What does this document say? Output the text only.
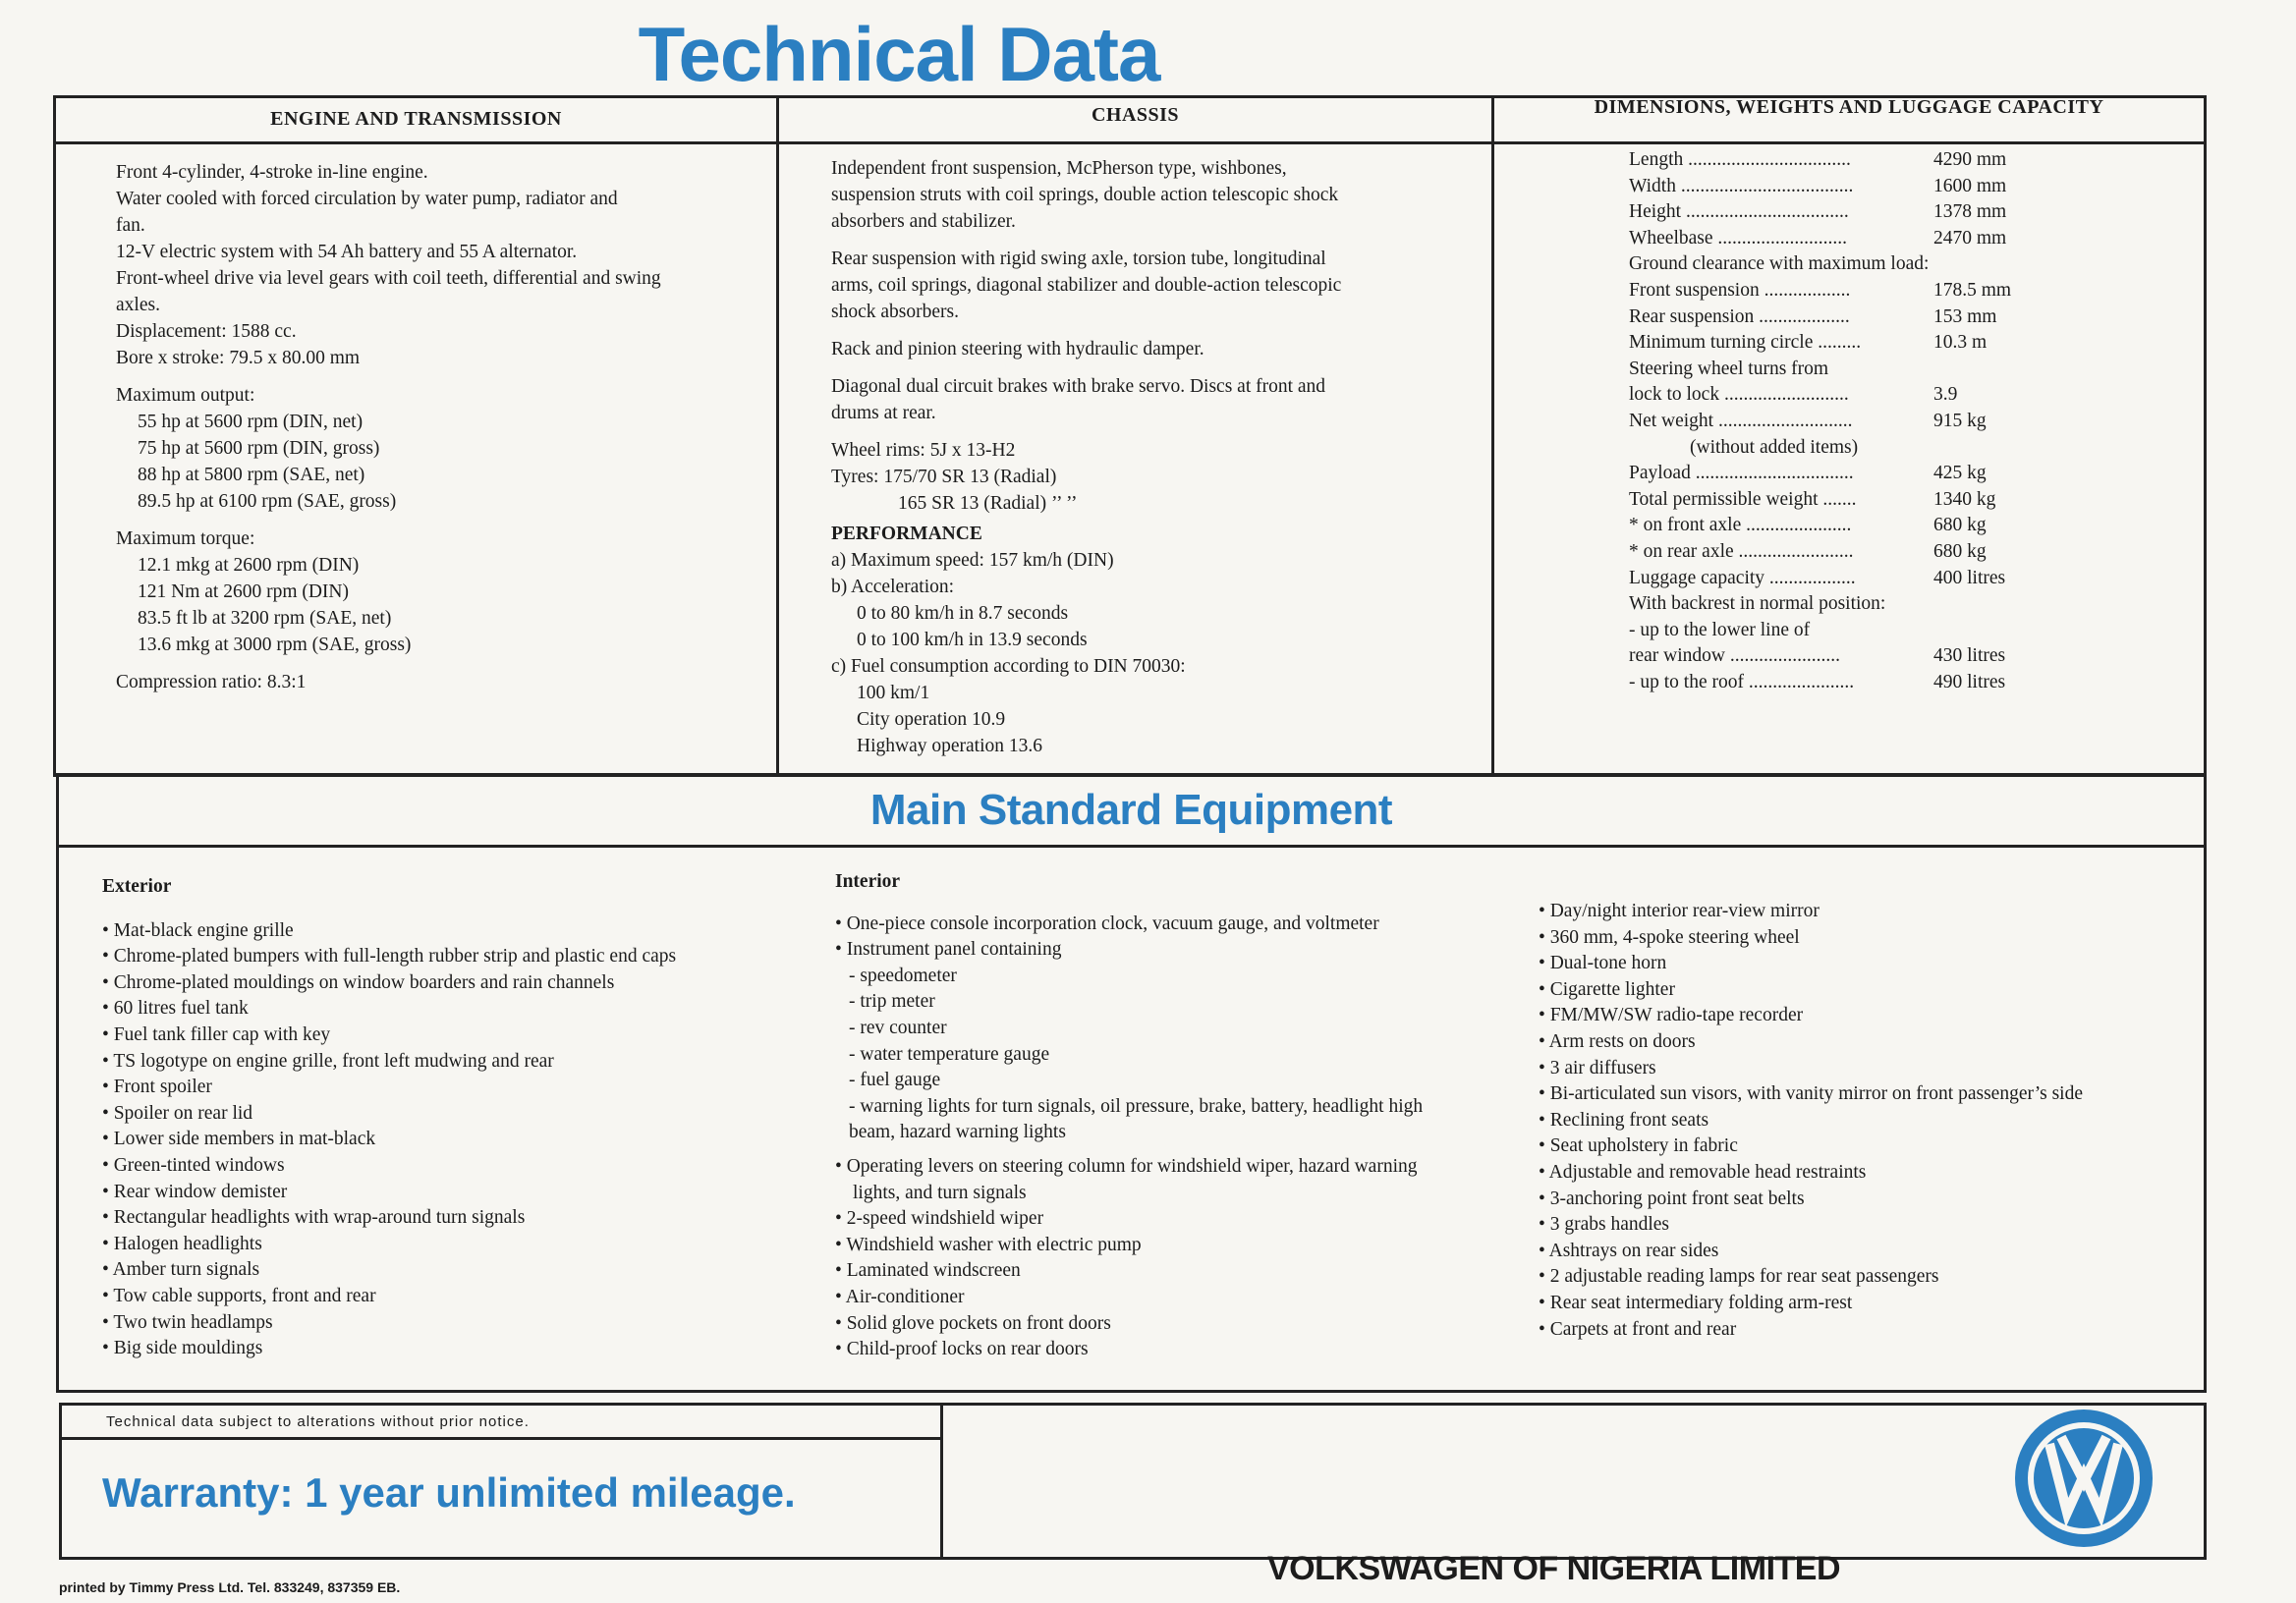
Technical Data
ENGINE AND TRANSMISSION	CHASSIS	DIMENSIONS, WEIGHTS AND LUGGAGE CAPACITY
Front 4-cylinder, 4-stroke in-line engine.
Water cooled with forced circulation by water pump, radiator and
fan.
12-V electric system with 54 Ah battery and 55 A alternator.
Front-wheel drive via level gears with coil teeth, differential and swing
axles.
Displacement: 1588 cc.
Bore x stroke: 79.5 x 80.00 mm

Maximum output:

55 hp at 5600 rpm (DIN, net)
75 hp at 5600 rpm (DIN, gross)
88 hp at 5800 rpm (SAE, net)
89.5 hp at 6100 rpm (SAE, gross)

Maximum torque:

12.1 mkg at 2600 rpm (DIN)
121 Nm at 2600 rpm (DIN)
83.5 ft lb at 3200 rpm (SAE, net)
13.6 mkg at 3000 rpm (SAE, gross)

Compression ratio: 8.3:1

Independent front suspension, McPherson type, wishbones,
suspension struts with coil springs, double action telescopic shock
absorbers and stabilizer.
Rear suspension with rigid swing axle, torsion tube, longitudinal
arms, coil springs, diagonal stabilizer and double-action telescopic
shock absorbers.

Rack and pinion steering with hydraulic damper.

Diagonal dual circuit brakes with brake servo. Discs at front and
drums at rear.
Wheel rims: 5J x 13-H2
Tyres: 175/70 SR 13 (Radial)

165 SR 13 (Radial) ’’ ’’

PERFORMANCE

a) Maximum speed: 157 km/h (DIN)
b) Acceleration:
0 to 80 km/h in 8.7 seconds
0 to 100 km/h in 13.9 seconds

c) Fuel consumption according to DIN 70030:

100 km/1
City operation 10.9
Highway operation 13.6
Length ..................................	4290 mm
Width ....................................	1600 mm
Height ..................................	1378 mm
Wheelbase ...........................	2470 mm
Ground clearance with maximum load:
Front suspension ..................	178.5 mm
Rear suspension ...................	153 mm
Minimum turning circle .........	10.3 m
Steering wheel turns from
lock to lock ..........................	3.9
Net weight ............................	915 kg
(without added items)
Payload .................................	425 kg
Total permissible weight .......	1340 kg
* on front axle ......................	680 kg
* on rear axle ........................	680 kg
Luggage capacity ..................	400 litres
With backrest in normal position:
- up to the lower line of
rear window .......................	430 litres
- up to the roof ......................	490 litres
Main Standard Equipment
Exterior
• Mat-black engine grille
• Chrome-plated bumpers with full-length rubber strip and plastic end caps
• Chrome-plated mouldings on window boarders and rain channels
• 60 litres fuel tank
• Fuel tank filler cap with key
• TS logotype on engine grille, front left mudwing and rear
• Front spoiler
• Spoiler on rear lid
• Lower side members in mat-black
• Green-tinted windows
• Rear window demister
• Rectangular headlights with wrap-around turn signals
• Halogen headlights
• Amber turn signals
• Tow cable supports, front and rear
• Two twin headlamps
• Big side mouldings
Interior
• One-piece console incorporation clock, vacuum gauge, and voltmeter
• Instrument panel containing
- speedometer
- trip meter
- rev counter
- water temperature gauge
- fuel gauge
- warning lights for turn signals, oil pressure, brake, battery, headlight high beam, hazard warning lights
• Operating levers on steering column for windshield wiper, hazard warning lights, and turn signals
• 2-speed windshield wiper
• Windshield washer with electric pump
• Laminated windscreen
• Air-conditioner
• Solid glove pockets on front doors
• Child-proof locks on rear doors
• Day/night interior rear-view mirror
• 360 mm, 4-spoke steering wheel
• Dual-tone horn
• Cigarette lighter
• FM/MW/SW radio-tape recorder
• Arm rests on doors
• 3 air diffusers
• Bi-articulated sun visors, with vanity mirror on front passenger’s side
• Reclining front seats
• Seat upholstery in fabric
• Adjustable and removable head restraints
• 3-anchoring point front seat belts
• 3 grabs handles
• Ashtrays on rear sides
• 2 adjustable reading lamps for rear seat passengers
• Rear seat intermediary folding arm-rest
• Carpets at front and rear
Technical data subject to alterations without prior notice.
Warranty: 1 year unlimited mileage.
VOLKSWAGEN OF NIGERIA LIMITED
printed by Timmy Press Ltd. Tel. 833249, 837359 EB.
